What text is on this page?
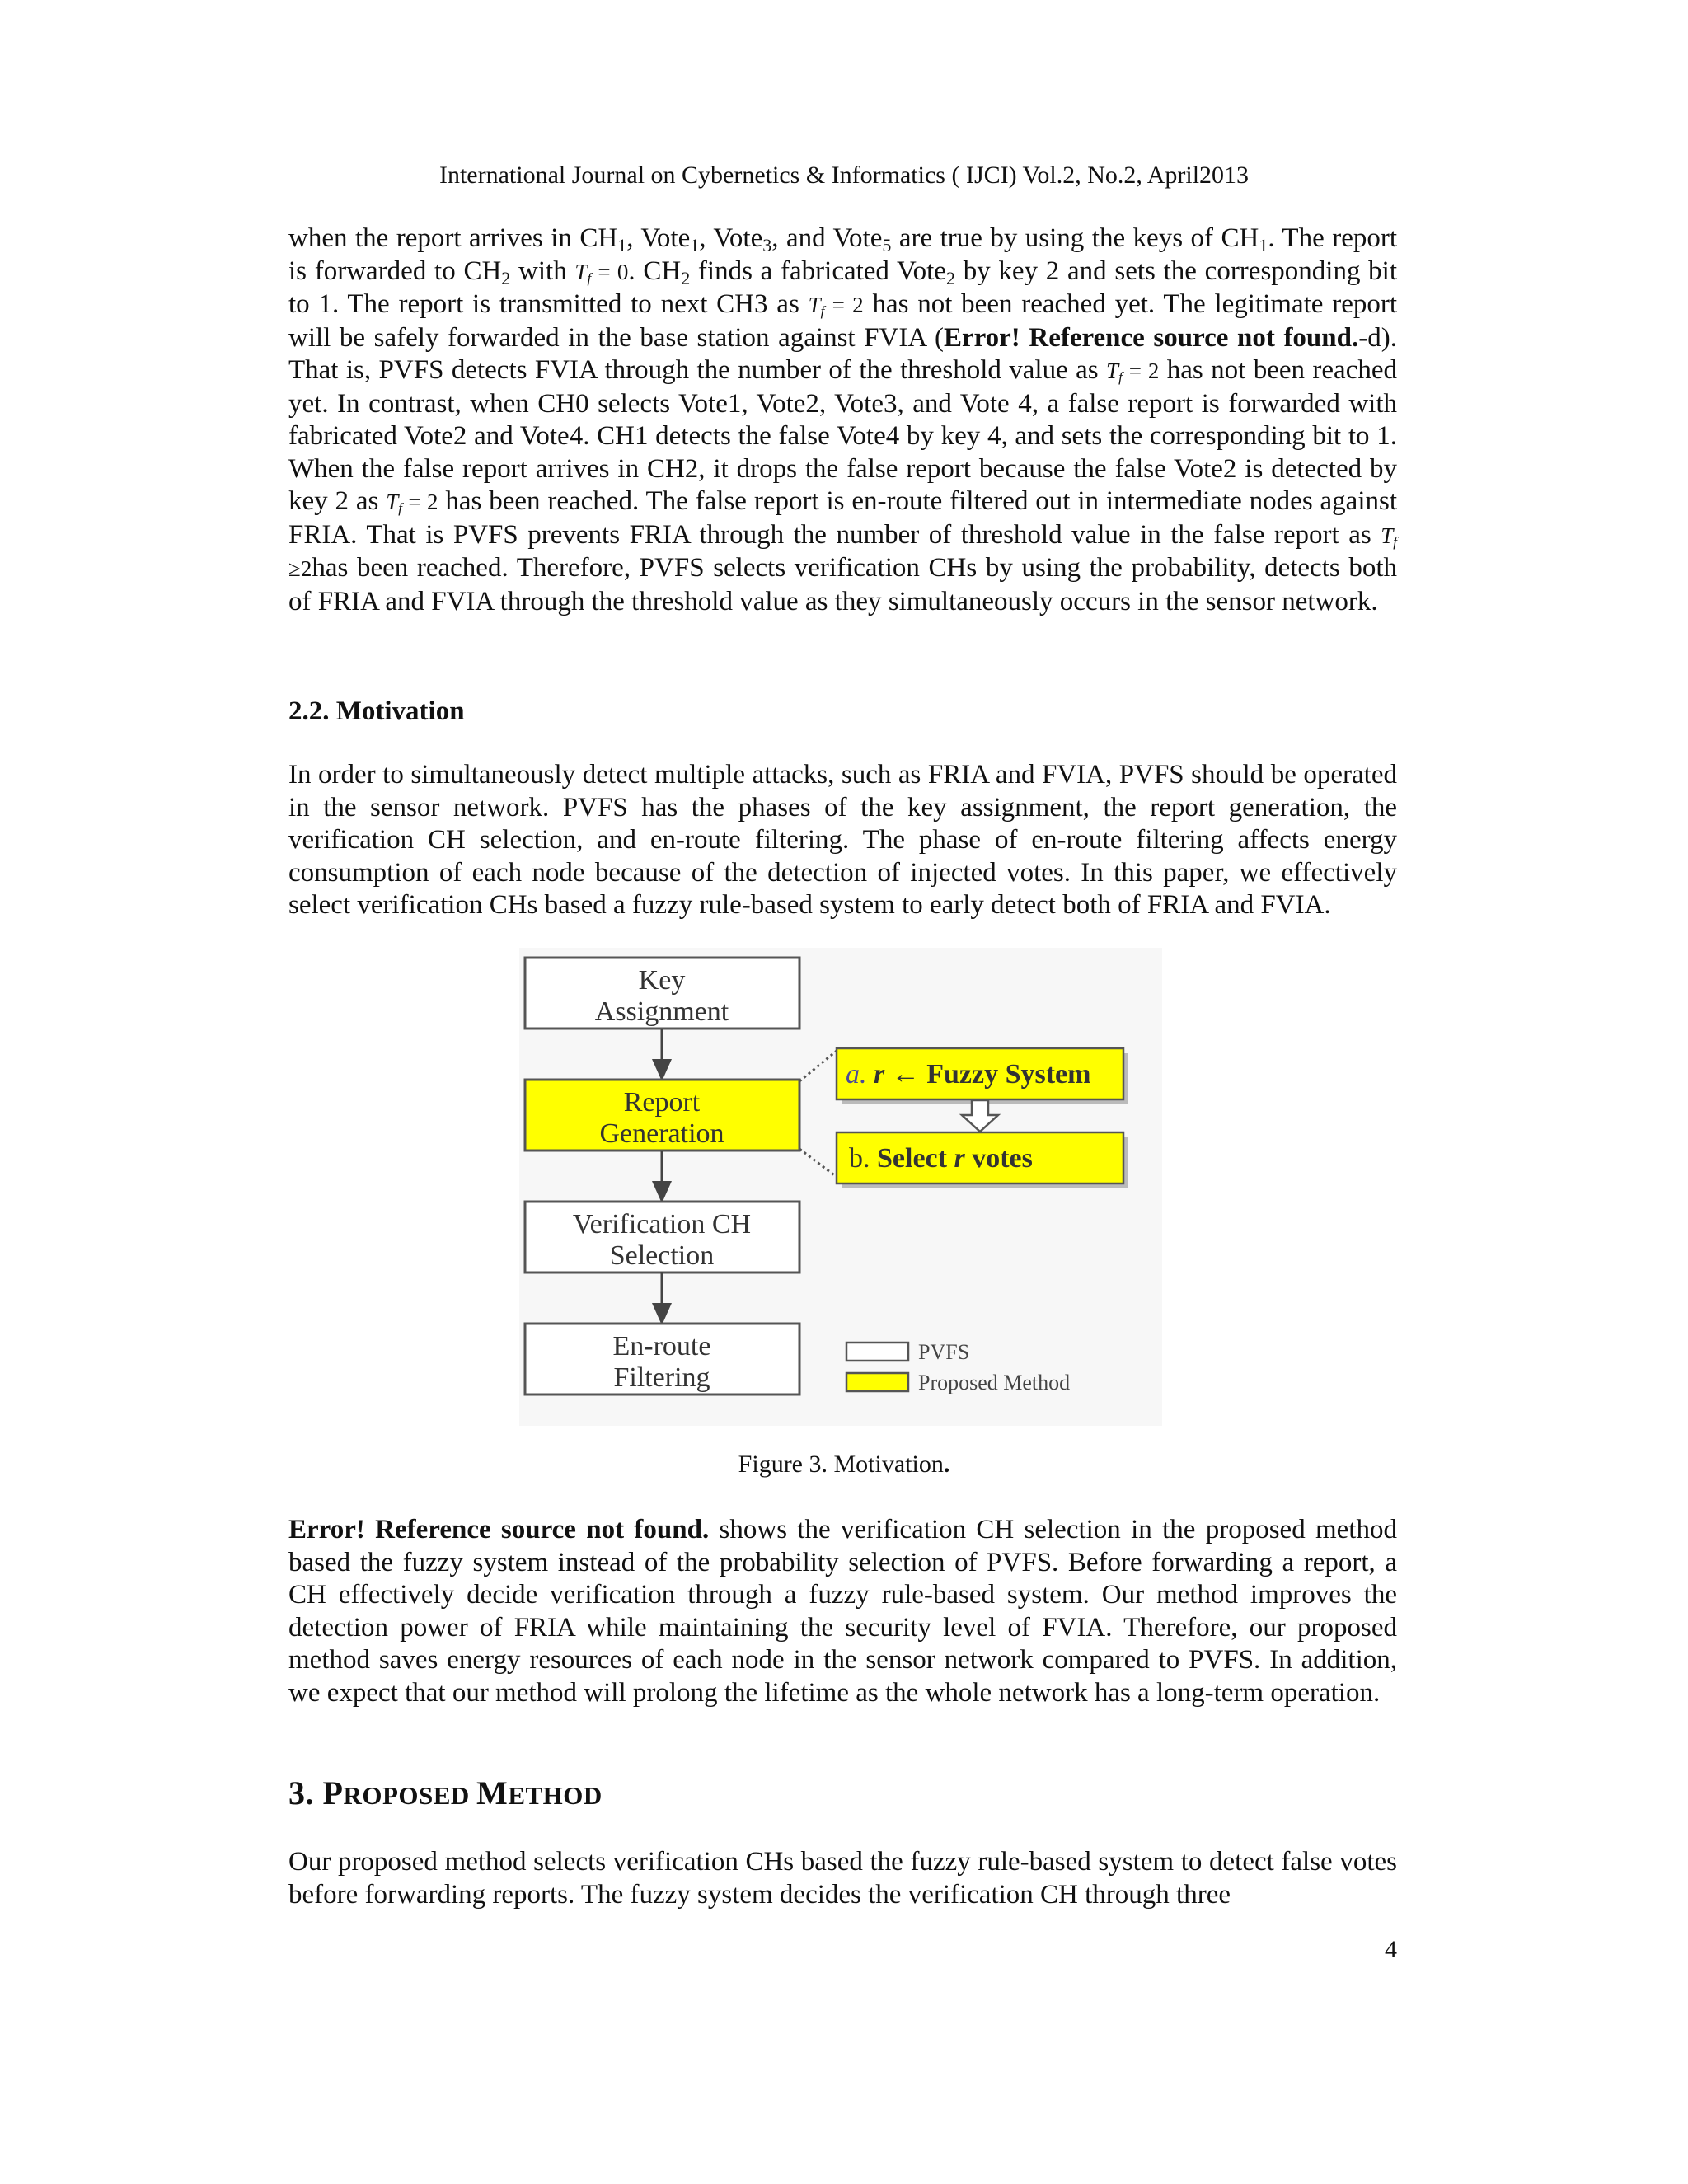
International Journal on Cybernetics & Informatics ( IJCI) Vol.2, No.2, April2013
when the report arrives in $CH_1$, Vote$_1$, Vote$_3$, and Vote$_5$ are true by using the keys of $CH_1$. The report is forwarded to $CH_2$ with $T_f = 0$. $CH_2$ finds a fabricated Vote$_2$ by key 2 and sets the corresponding bit to 1. The report is transmitted to next CH3 as $T_f = 2$ has not been reached yet. The legitimate report will be safely forwarded in the base station against FVIA (Error! Reference source not found.-d). That is, PVFS detects FVIA through the number of the threshold value as $T_f = 2$ has not been reached yet. In contrast, when CH0 selects Vote1, Vote2, Vote3, and Vote 4, a false report is forwarded with fabricated Vote2 and Vote4. CH1 detects the false Vote4 by key 4, and sets the corresponding bit to 1. When the false report arrives in CH2, it drops the false report because the false Vote2 is detected by key 2 as $T_f = 2$ has been reached. The false report is en-route filtered out in intermediate nodes against FRIA. That is PVFS prevents FRIA through the number of threshold value in the false report as $T_f \ge 2has$ been reached. Therefore, PVFS selects verification CHs by using the probability, detects both of FRIA and FVIA through the threshold value as they simultaneously occurs in the sensor network.
2.2. Motivation
In order to simultaneously detect multiple attacks, such as FRIA and FVIA, PVFS should be operated in the sensor network. PVFS has the phases of the key assignment, the report generation, the verification CH selection, and en-route filtering. The phase of en-route filtering affects energy consumption of each node because of the detection of injected votes. In this paper, we effectively select verification CHs based a fuzzy rule-based system to early detect both of FRIA and FVIA.
Key
Assignment
Report
Generation
Verification CH
Selection
En-route
Filtering
a. r ← Fuzzy System
b. Select r votes
PVFS
Proposed Method
Figure 3. Motivation.
Error! Reference source not found. shows the verification CH selection in the proposed method based the fuzzy system instead of the probability selection of PVFS. Before forwarding a report, a CH effectively decide verification through a fuzzy rule-based system. Our method improves the detection power of FRIA while maintaining the security level of FVIA. Therefore, our proposed method saves energy resources of each node in the sensor network compared to PVFS. In addition, we expect that our method will prolong the lifetime as the whole network has a long-term operation.
3. PROPOSED METHOD
Our proposed method selects verification CHs based the fuzzy rule-based system to detect false votes before forwarding reports. The fuzzy system decides the verification CH through three
4
